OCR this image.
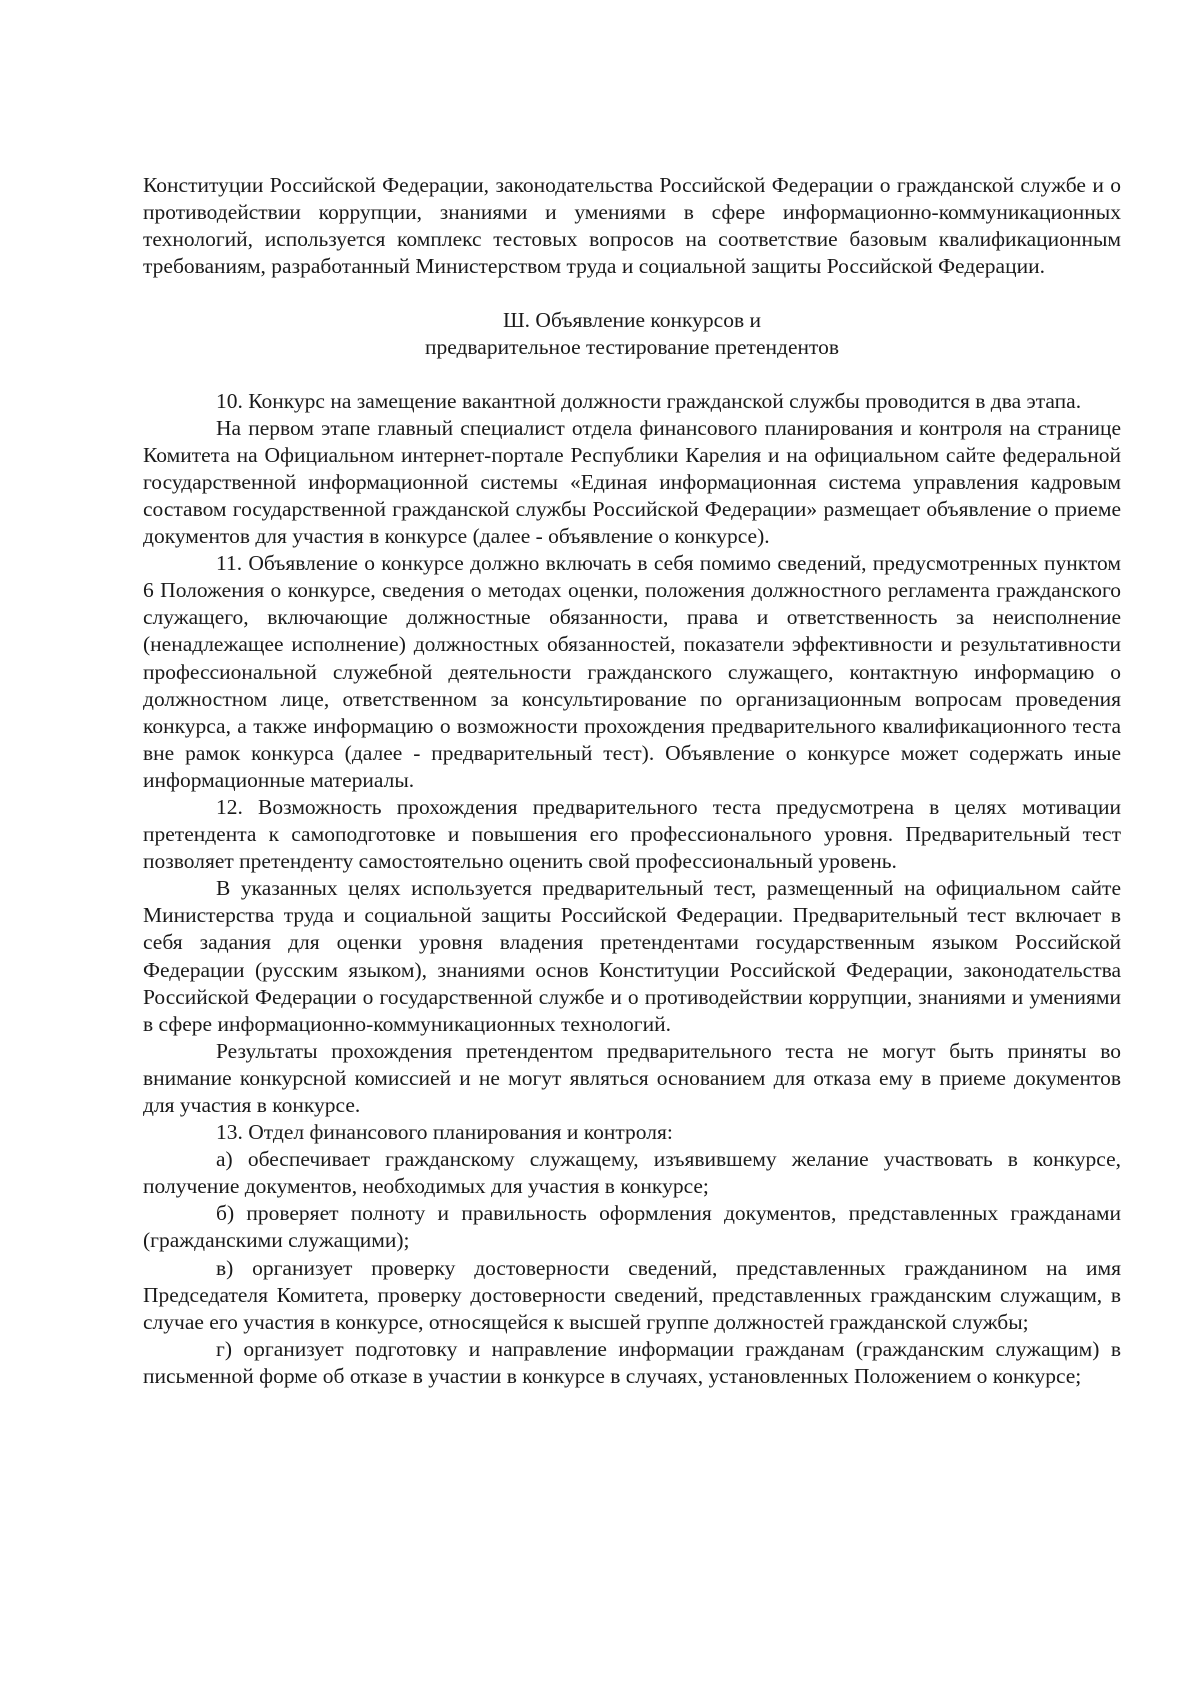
Конституции Российской Федерации, законодательства Российской Федерации о гражданской службе и о противодействии коррупции, знаниями и умениями в сфере информационно-коммуникационных технологий, используется комплекс тестовых вопросов на соответствие базовым квалификационным требованиям, разработанный Министерством труда и социальной защиты Российской Федерации.

Ш. Объявление конкурсов и
предварительное тестирование претендентов

10. Конкурс на замещение вакантной должности гражданской службы проводится в два этапа.

На первом этапе главный специалист отдела финансового планирования и контроля на странице Комитета на Официальном интернет-портале Республики Карелия и на официальном сайте федеральной государственной информационной системы «Единая информационная система управления кадровым составом государственной гражданской службы Российской Федерации» размещает объявление о приеме документов для участия в конкурсе (далее - объявление о конкурсе).

11. Объявление о конкурсе должно включать в себя помимо сведений, предусмотренных пунктом 6 Положения о конкурсе, сведения о методах оценки, положения должностного регламента гражданского служащего, включающие должностные обязанности, права и ответственность за неисполнение (ненадлежащее исполнение) должностных обязанностей, показатели эффективности и результативности профессиональной служебной деятельности гражданского служащего, контактную информацию о должностном лице, ответственном за консультирование по организационным вопросам проведения конкурса, а также информацию о возможности прохождения предварительного квалификационного теста вне рамок конкурса (далее - предварительный тест). Объявление о конкурсе может содержать иные информационные материалы.

12. Возможность прохождения предварительного теста предусмотрена в целях мотивации претендента к самоподготовке и повышения его профессионального уровня. Предварительный тест позволяет претенденту самостоятельно оценить свой профессиональный уровень.

В указанных целях используется предварительный тест, размещенный на официальном сайте Министерства труда и социальной защиты Российской Федерации. Предварительный тест включает в себя задания для оценки уровня владения претендентами государственным языком Российской Федерации (русским языком), знаниями основ Конституции Российской Федерации, законодательства Российской Федерации о государственной службе и о противодействии коррупции, знаниями и умениями в сфере информационно-коммуникационных технологий.

Результаты прохождения претендентом предварительного теста не могут быть приняты во внимание конкурсной комиссией и не могут являться основанием для отказа ему в приеме документов для участия в конкурсе.

13. Отдел финансового планирования и контроля:

а) обеспечивает гражданскому служащему, изъявившему желание участвовать в конкурсе, получение документов, необходимых для участия в конкурсе;

б) проверяет полноту и правильность оформления документов, представленных гражданами (гражданскими служащими);

в) организует проверку достоверности сведений, представленных гражданином на имя Председателя Комитета, проверку достоверности сведений, представленных гражданским служащим, в случае его участия в конкурсе, относящейся к высшей группе должностей гражданской службы;

г) организует подготовку и направление информации гражданам (гражданским служащим) в письменной форме об отказе в участии в конкурсе в случаях, установленных Положением о конкурсе;
